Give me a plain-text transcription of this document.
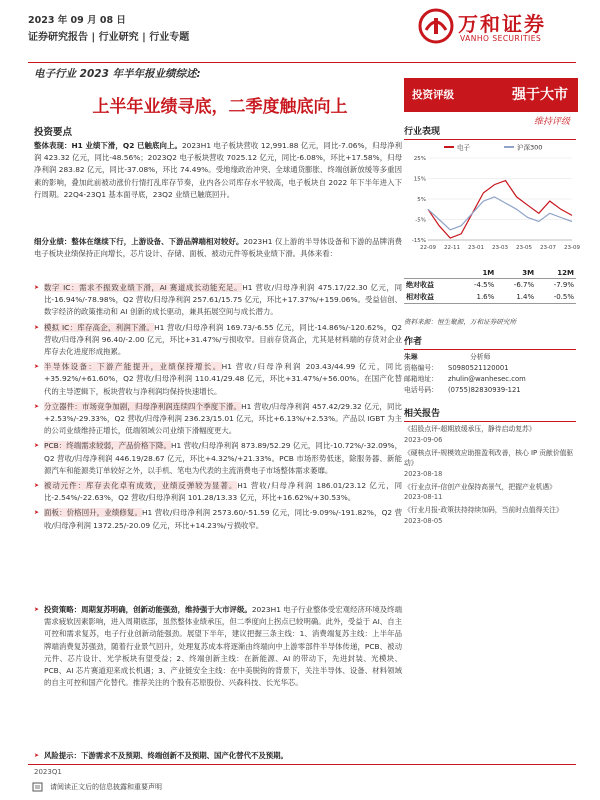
2023 年 09 月 08 日
证券研究报告 | 行业研究 | 行业专题
万和证券
VANHO SECURITIES
电子行业 2023 年半年报业绩综述:
上半年业绩寻底，二季度触底向上
投资评级	强于大市
维持评级
投资要点
整体表现：H1 业绩下滑，Q2 已触底向上。2023H1 电子板块营收 12,991.88 亿元，同比-7.06%，归母净利润 423.32 亿元，同比-48.56%；2023Q2 电子板块营收 7025.12 亿元，同比-6.08%，环比+17.58%，归母净利润 283.82 亿元，同比-37.08%，环比 74.49%。受地缘政治冲突、全球通货膨胀、终端创新放缓等多重因素的影响，叠加此前被动涨价行情打乱库存节奏，业内各公司库存水平较高，电子板块自 2022 年下半年进入下行周期。22Q4-23Q1 基本面寻底，23Q2 业绩已触底回升。
细分业绩：整体在继续下行，上游设备、下游品牌端相对较好。2023H1 仅上游的半导体设备和下游的品牌消费电子板块业绩保持正向增长，芯片设计、存储、面板、被动元件等板块业绩下滑。具体来看：
➤ 数字 IC：需求不振致业绩下滑，AI 赛道成长动能充足。H1 营收/归母净利润 475.17/22.30 亿元，同比-16.94%/-78.98%，Q2 营收/归母净利润 257.61/15.75 亿元，环比+17.37%/+159.06%。受益信创、数字经济的政策推动和 AI 创新的成长驱动，兼具拓展空间与成长潜力。
➤ 模拟 IC：库存高企，利润下滑。H1 营收/归母净利润 169.73/-6.55 亿元，同比-14.86%/-120.62%，Q2 营收/归母净利润 96.40/-2.00 亿元，环比+31.47%/亏损收窄。目前存货高企，尤其是材料端的存货对企业库存去化进度形成拖累。
➤ 半导体设备：下游产能提升，业绩保持增长。H1 营收/归母净利润 203.43/44.99 亿元，同比+35.92%/+61.60%，Q2 营收/归母净利润 110.41/29.48 亿元，环比+31.47%/+56.00%。在国产化替代的主导逻辑下，板块营收与净利润均保持快速增长。
➤ 分立器件：市场竞争加剧，归母净利润连续四个季度下滑。H1 营收/归母净利润 457.42/29.32 亿元，同比+2.53%/-29.33%，Q2 营收/归母净利润 236.23/15.01 亿元，环比+6.13%/+2.53%。产品以 IGBT 为主的公司业绩维持正增长，低端领域公司业绩下滑幅度更大。
➤ PCB：终端需求较弱，产品价格下降。H1 营收/归母净利润 873.89/52.29 亿元，同比-10.72%/-32.09%，Q2 营收/归母净利润 446.19/28.67 亿元，环比+4.32%/+21.33%。PCB 市场形势低迷，除服务器、新能源汽车和能源类订单较好之外，以手机、笔电为代表的主流消费电子市场整体需求萎靡。
➤ 被动元件：库存去化卓有成效，业绩反弹较为显著。H1 营收/归母净利润 186.01/23.12 亿元，同比-2.54%/-22.63%，Q2 营收/归母净利润 101.28/13.33 亿元，环比+16.62%/+30.53%。
➤ 面板：价格回升，业绩修复。H1 营收/归母净利润 2573.60/-51.59 亿元，同比-9.09%/-191.82%，Q2 营收/归母净利润 1372.25/-20.09 亿元，环比+14.23%/亏损收窄。
➤ 投资策略：周期复苏明确，创新动能强劲，维持强于大市评级。2023H1 电子行业整体受宏观经济环境及终端需求疲软因素影响，进入周期底部，虽然整体业绩承压，但二季度向上拐点已较明确。此外，受益于 AI、自主可控和需求复苏，电子行业创新动能强劲。展望下半年，建议把握三条主线：1、消费端复苏主线：上半年品牌端消费复苏强劲，随着行业景气回升，处理复苏成本将逐渐由终端向中上游零部件半导体传递，PCB、被动元件、芯片设计、光学板块有望受益；2、终端创新主线：在新能源、AI 的带动下，先进封装、光模块、PCB、AI 芯片赛道迎来成长机遇；3、产业链安全主线：在中美脱钩的背景下，关注半导体、设备、材料领域的自主可控和国产化替代。推荐关注的个股有芯原股份、兴森科技、长光华芯。
➤ 风险提示：下游需求不及预期、终端创新不及预期、国产化替代不及预期。
2023Q1
行业表现
电子	沪深300
25%
15%
5%
-5%
-15%
22-09 22-11 23-01 23-03 23-05 23-07 23-09
	1M	3M	12M
绝对收益	-4.5%	-6.7%	-7.9%
相对收益	1.6%	1.4%	-0.5%
资料来源：恒生聚源，万和证券研究所
作者
朱琳	分析师
资格编号： S0980521120001
邮箱地址： zhulin@wanhesec.com
电话号码： (0755)82830939-121
相关报告
《招股点评-超期放缓承压，静待启动复苏》
2023-09-06
《硬核点评-规模效应助推盈利改善，核心 IP 贡献价值驱动》
2023-08-18
《行业点评-信创产业保持高景气，把握产业机遇》
2023-08-11
《行业月报-政策扶持持续加码，当前时点值得关注》
2023-08-05
请阅读正文后的信息披露和重要声明
